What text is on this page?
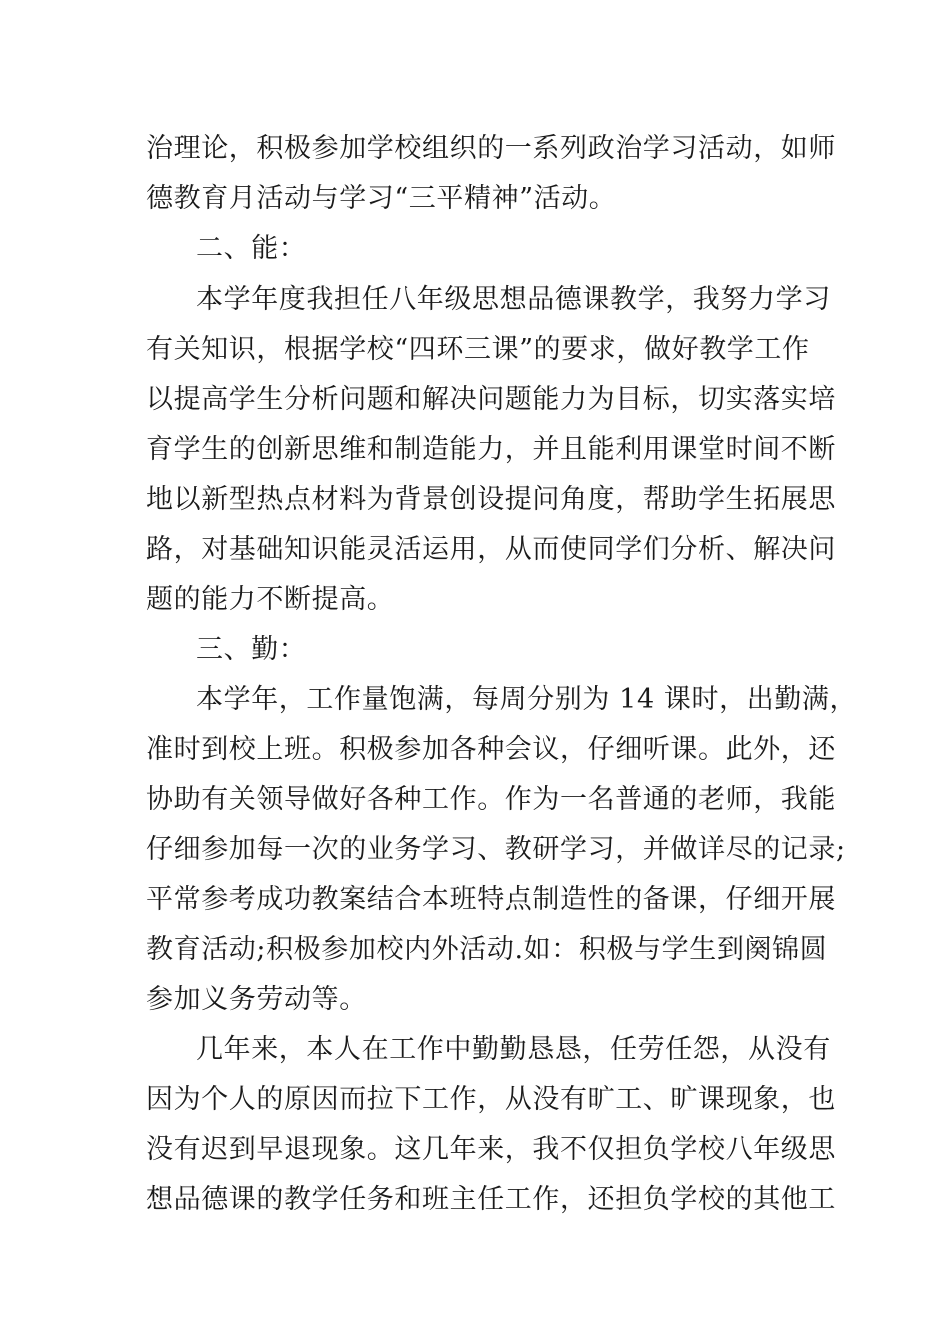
治理论，积极参加学校组织的一系列政治学习活动，如师
德教育月活动与学习“三平精神”活动。
二、能：
本学年度我担任八年级思想品德课教学，我努力学习
有关知识，根据学校“四环三课”的要求，做好教学工作
以提高学生分析问题和解决问题能力为目标，切实落实培
育学生的创新思维和制造能力，并且能利用课堂时间不断
地以新型热点材料为背景创设提问角度，帮助学生拓展思
路，对基础知识能灵活运用，从而使同学们分析、解决问
题的能力不断提高。
三、勤：
本学年，工作量饱满，每周分别为 14 课时，出勤满，
准时到校上班。积极参加各种会议，仔细听课。此外，还
协助有关领导做好各种工作。作为一名普通的老师，我能
仔细参加每一次的业务学习、教研学习，并做详尽的记录;
平常参考成功教案结合本班特点制造性的备课，仔细开展
教育活动;积极参加校内外活动.如：积极与学生到阕锦圆
参加义务劳动等。
几年来，本人在工作中勤勤恳恳，任劳任怨，从没有
因为个人的原因而拉下工作，从没有旷工、旷课现象，也
没有迟到早退现象。这几年来，我不仅担负学校八年级思
想品德课的教学任务和班主任工作，还担负学校的其他工
